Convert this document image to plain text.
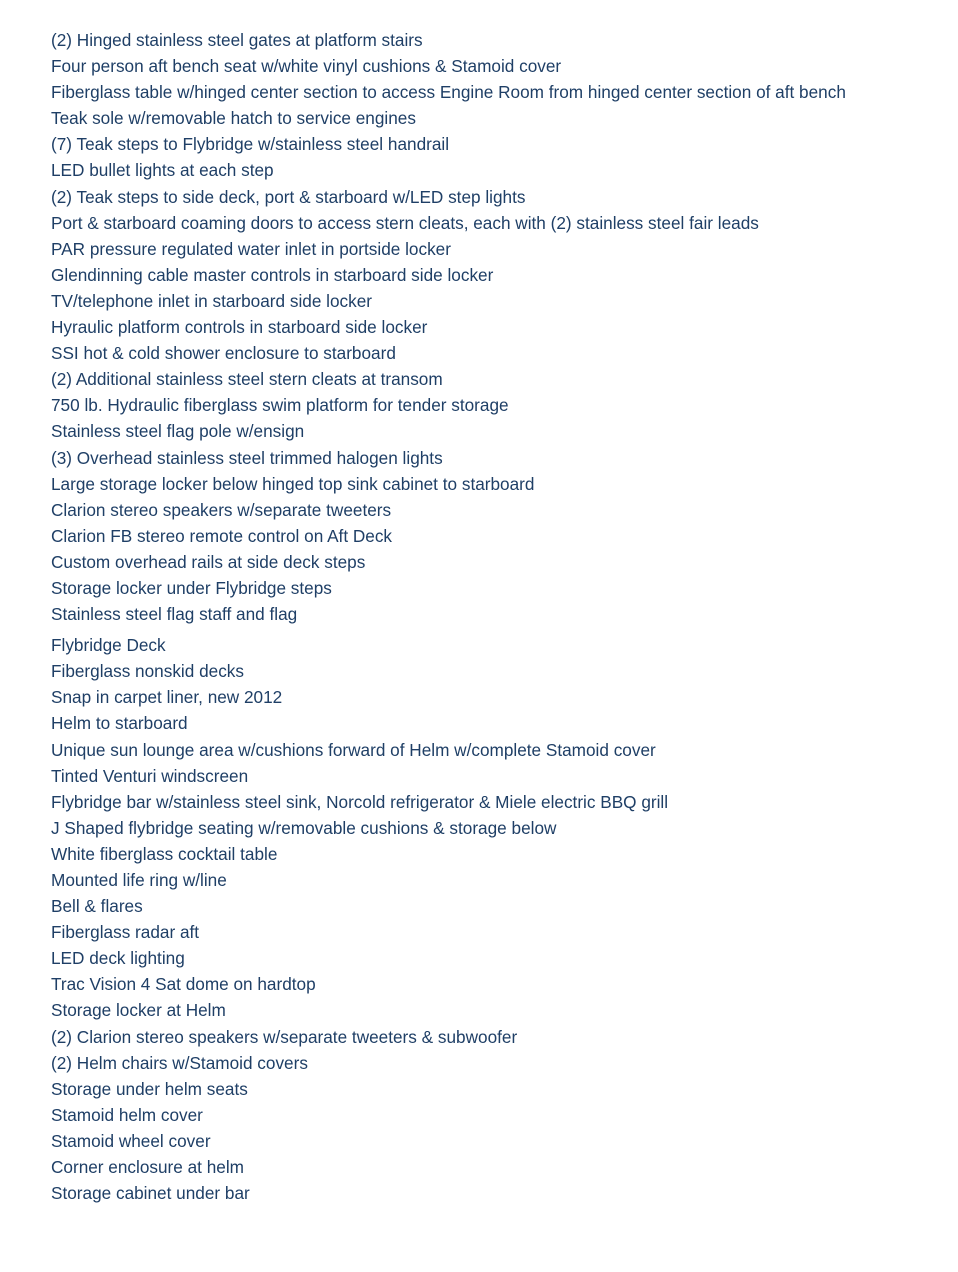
(2) Hinged stainless steel gates at platform stairs
Four person aft bench seat w/white vinyl cushions & Stamoid cover
Fiberglass table w/hinged center section to access Engine Room from hinged center section of aft bench
Teak sole w/removable hatch to service engines
(7) Teak steps to Flybridge w/stainless steel handrail
LED bullet lights at each step
(2) Teak steps to side deck, port & starboard w/LED step lights
Port & starboard coaming doors to access stern cleats, each with (2) stainless steel fair leads
PAR pressure regulated water inlet in portside locker
Glendinning cable master controls in starboard side locker
TV/telephone inlet in starboard side locker
Hyraulic platform controls in starboard side locker
SSI hot & cold shower enclosure to starboard
(2) Additional stainless steel stern cleats at transom
750 lb. Hydraulic fiberglass swim platform for tender storage
Stainless steel flag pole w/ensign
(3) Overhead stainless steel trimmed halogen lights
Large storage locker below hinged top sink cabinet to starboard
Clarion stereo speakers w/separate tweeters
Clarion FB stereo remote control on Aft Deck
Custom overhead rails at side deck steps
Storage locker under Flybridge steps
Stainless steel flag staff and flag
Flybridge Deck
Fiberglass nonskid decks
Snap in carpet liner, new 2012
Helm to starboard
Unique sun lounge area w/cushions forward of Helm w/complete Stamoid cover
Tinted Venturi windscreen
Flybridge bar w/stainless steel sink, Norcold refrigerator & Miele electric BBQ grill
J Shaped flybridge seating w/removable cushions & storage below
White fiberglass cocktail table
Mounted life ring w/line
Bell & flares
Fiberglass radar aft
LED deck lighting
Trac Vision 4 Sat dome on hardtop
Storage locker at Helm
(2) Clarion stereo speakers w/separate tweeters & subwoofer
(2) Helm chairs w/Stamoid covers
Storage under helm seats
Stamoid helm cover
Stamoid wheel cover
Corner enclosure at helm
Storage cabinet under bar
